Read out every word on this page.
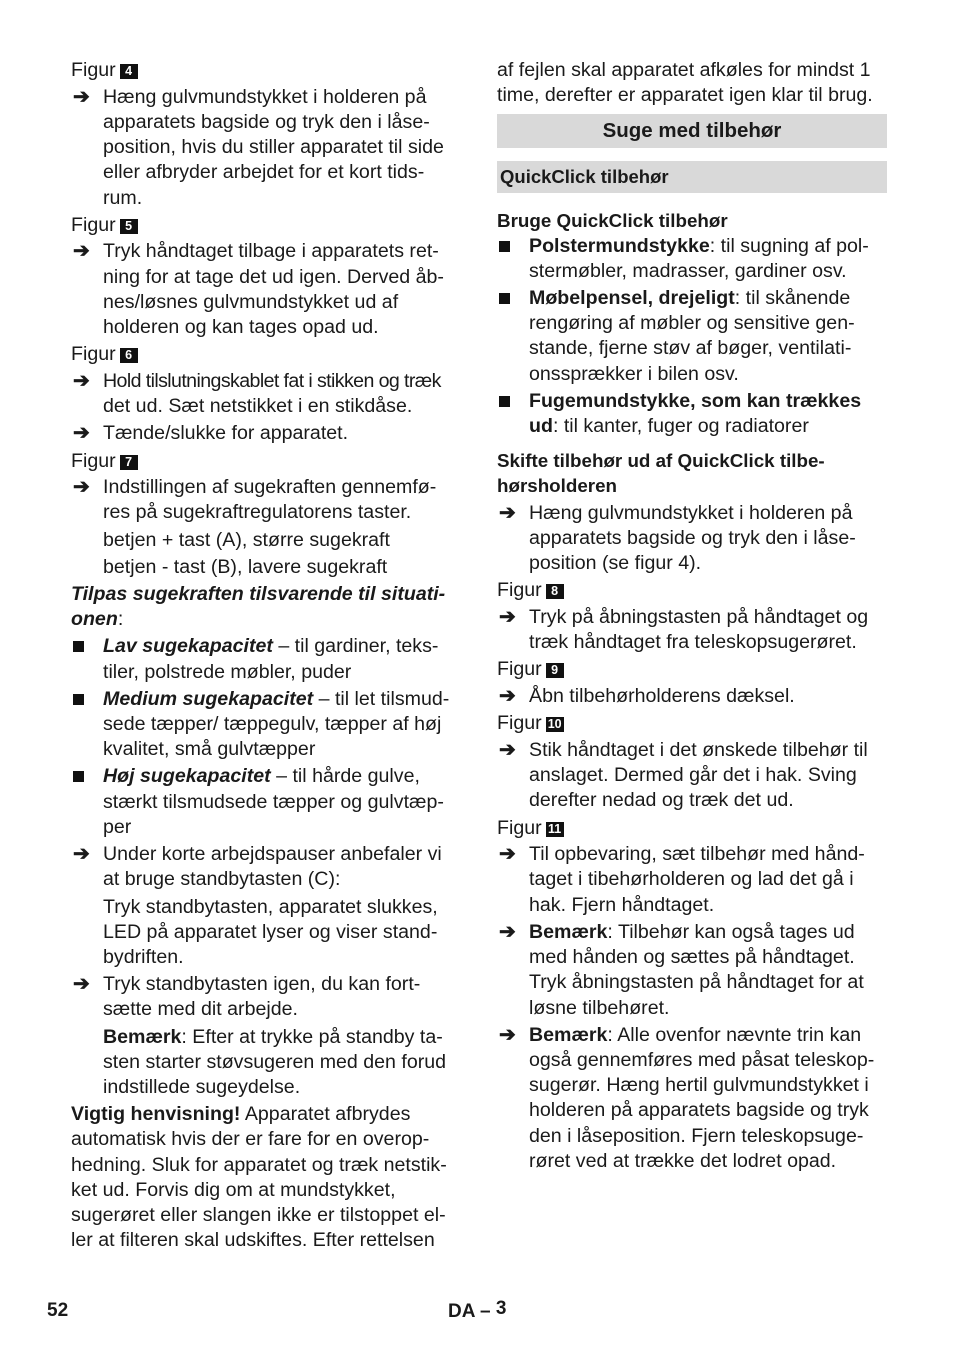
Figur 4
➔ Hæng gulvmundstykket i holderen på
apparatets bagside og tryk den i låse-
position, hvis du stiller apparatet til side
eller afbryder arbejdet for et kort tids-
rum.
Figur 5
➔ Tryk håndtaget tilbage i apparatets ret-
ning for at tage det ud igen. Derved åb-
nes/løsnes gulvmundstykket ud af
holderen og kan tages opad ud.
Figur 6
➔ Hold tilslutningskablet fat i stikken og træk
det ud. Sæt netstikket i en stikdåse.
➔ Tænde/slukke for apparatet.
Figur 7
➔ Indstillingen af sugekraften gennemfø-
res på sugekraftregulatorens taster.
betjen + tast (A), større sugekraft
betjen - tast (B), lavere sugekraft

Tilpas sugekraften tilsvarende til situati-
onen:

Lav sugekapacitet – til gardiner, teks-
tiler, polstrede møbler, puder
Medium sugekapacitet – til let tilsmud-
sede tæpper/ tæppegulv, tæpper af høj
kvalitet, små gulvtæpper
Høj sugekapacitet – til hårde gulve,
stærkt tilsmudsede tæpper og gulvtæp-
per
➔ Under korte arbejdspauser anbefaler vi
at bruge standbytasten (C):
Tryk standbytasten, apparatet slukkes,
LED på apparatet lyser og viser stand-
bydriften.
➔ Tryk standbytasten igen, du kan fort-
sætte med dit arbejde.
Bemærk: Efter at trykke på standby ta-
sten starter støvsugeren med den forud
indstillede sugeydelse.

Vigtig henvisning! Apparatet afbrydes
automatisk hvis der er fare for en overop-
hedning. Sluk for apparatet og træk netstik-
ket ud. Forvis dig om at mundstykket,
sugerøret eller slangen ikke er tilstoppet el-
ler at filteren skal udskiftes. Efter rettelsen

af fejlen skal apparatet afkøles for mindst 1
time, derefter er apparatet igen klar til brug.

Suge med tilbehør
QuickClick tilbehør

Bruge QuickClick tilbehør

Polstermundstykke: til sugning af pol-
stermøbler, madrasser, gardiner osv.
Møbelpensel, drejeligt: til skånende
rengøring af møbler og sensitive gen-
stande, fjerne støv af bøger, ventilati-
onssprækker i bilen osv.
Fugemundstykke, som kan trækkes
ud: til kanter, fuger og radiatorer

Skifte tilbehør ud af QuickClick tilbe-
hørsholderen

➔ Hæng gulvmundstykket i holderen på
apparatets bagside og tryk den i låse-
position (se figur 4).
Figur 8
➔ Tryk på åbningstasten på håndtaget og
træk håndtaget fra teleskopsugerøret.
Figur 9
➔ Åbn tilbehørholderens dæksel.
Figur 10
➔ Stik håndtaget i det ønskede tilbehør til
anslaget. Dermed går det i hak. Sving
derefter nedad og træk det ud.
Figur 11
➔ Til opbevaring, sæt tilbehør med hånd-
taget i tibehørholderen og lad det gå i
hak. Fjern håndtaget.
➔ Bemærk: Tilbehør kan også tages ud
med hånden og sættes på håndtaget.
Tryk åbningstasten på håndtaget for at
løsne tilbehøret.
➔ Bemærk: Alle ovenfor nævnte trin kan
også gennemføres med påsat teleskop-
sugerør. Hæng hertil gulvmundstykket i
holderen på apparatets bagside og tryk
den i låseposition. Fjern teleskopsuge-
røret ved at trække det lodret opad.
52	DA – 3
